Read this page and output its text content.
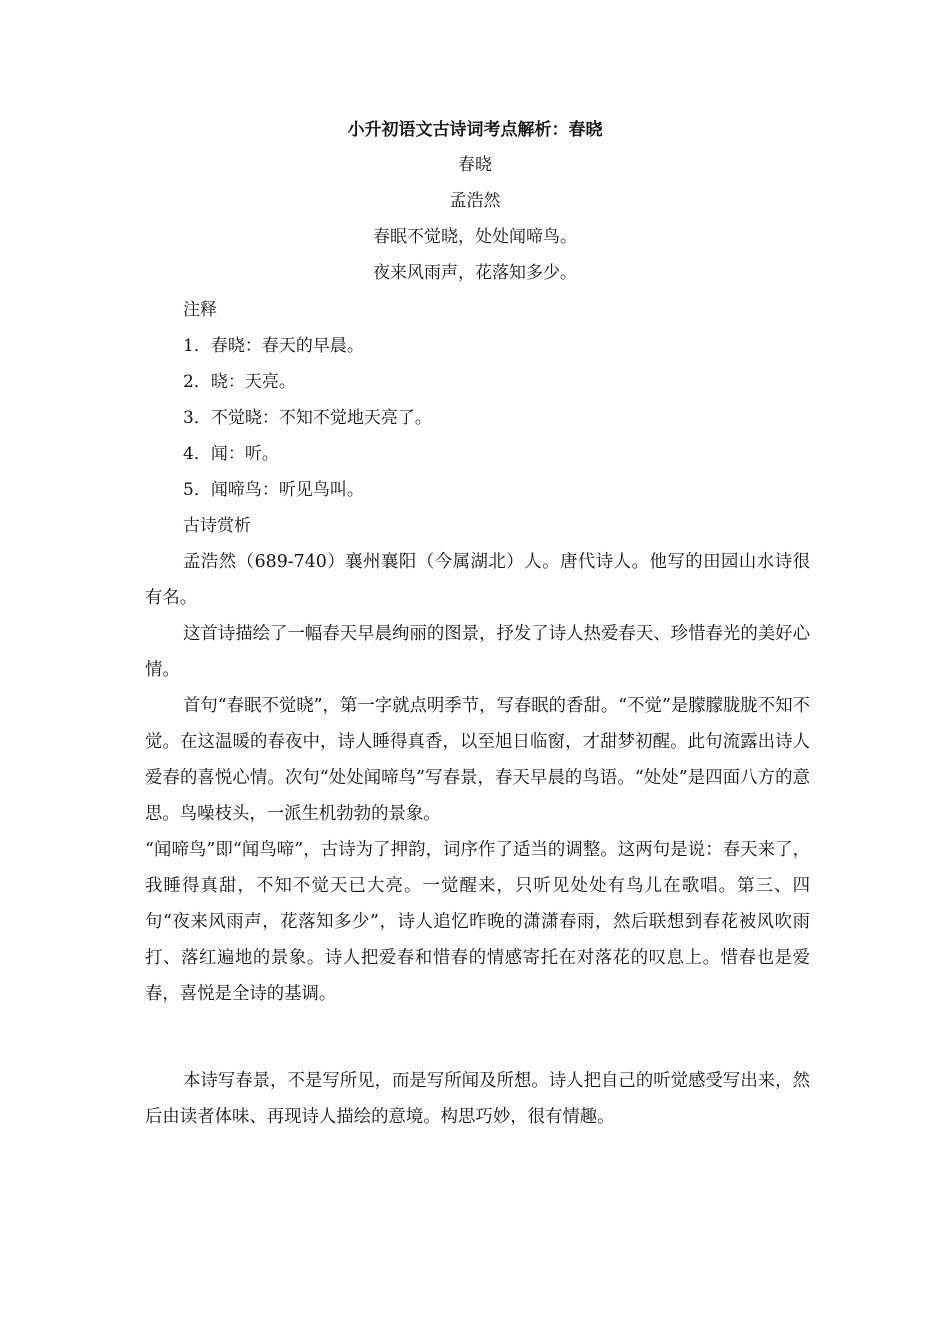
小升初语文古诗词考点解析：春晓
春晓
孟浩然
春眠不觉晓，处处闻啼鸟。
夜来风雨声，花落知多少。
注释
1．春晓：春天的早晨。
2．晓：天亮。
3．不觉晓：不知不觉地天亮了。
4．闻：听。
5．闻啼鸟：听见鸟叫。
古诗赏析

孟浩然（689-740）襄州襄阳（今属湖北）人。唐代诗人。他写的田园山水诗很有名。

这首诗描绘了一幅春天早晨绚丽的图景，抒发了诗人热爱春天、珍惜春光的美好心情。

首句“春眠不觉晓”，第一字就点明季节，写春眠的香甜。“不觉”是朦朦胧胧不知不觉。在这温暖的春夜中，诗人睡得真香，以至旭日临窗，才甜梦初醒。此句流露出诗人爱春的喜悦心情。次句“处处闻啼鸟”写春景，春天早晨的鸟语。“处处”是四面八方的意思。鸟噪枝头，一派生机勃勃的景象。

“闻啼鸟”即“闻鸟啼”，古诗为了押韵，词序作了适当的调整。这两句是说：春天来了，我睡得真甜，不知不觉天已大亮。一觉醒来，只听见处处有鸟儿在歌唱。第三、四句“夜来风雨声，花落知多少”，诗人追忆昨晚的潇潇春雨，然后联想到春花被风吹雨打、落红遍地的景象。诗人把爱春和惜春的情感寄托在对落花的叹息上。惜春也是爱春，喜悦是全诗的基调。

本诗写春景，不是写所见，而是写所闻及所想。诗人把自己的听觉感受写出来，然后由读者体味、再现诗人描绘的意境。构思巧妙，很有情趣。
